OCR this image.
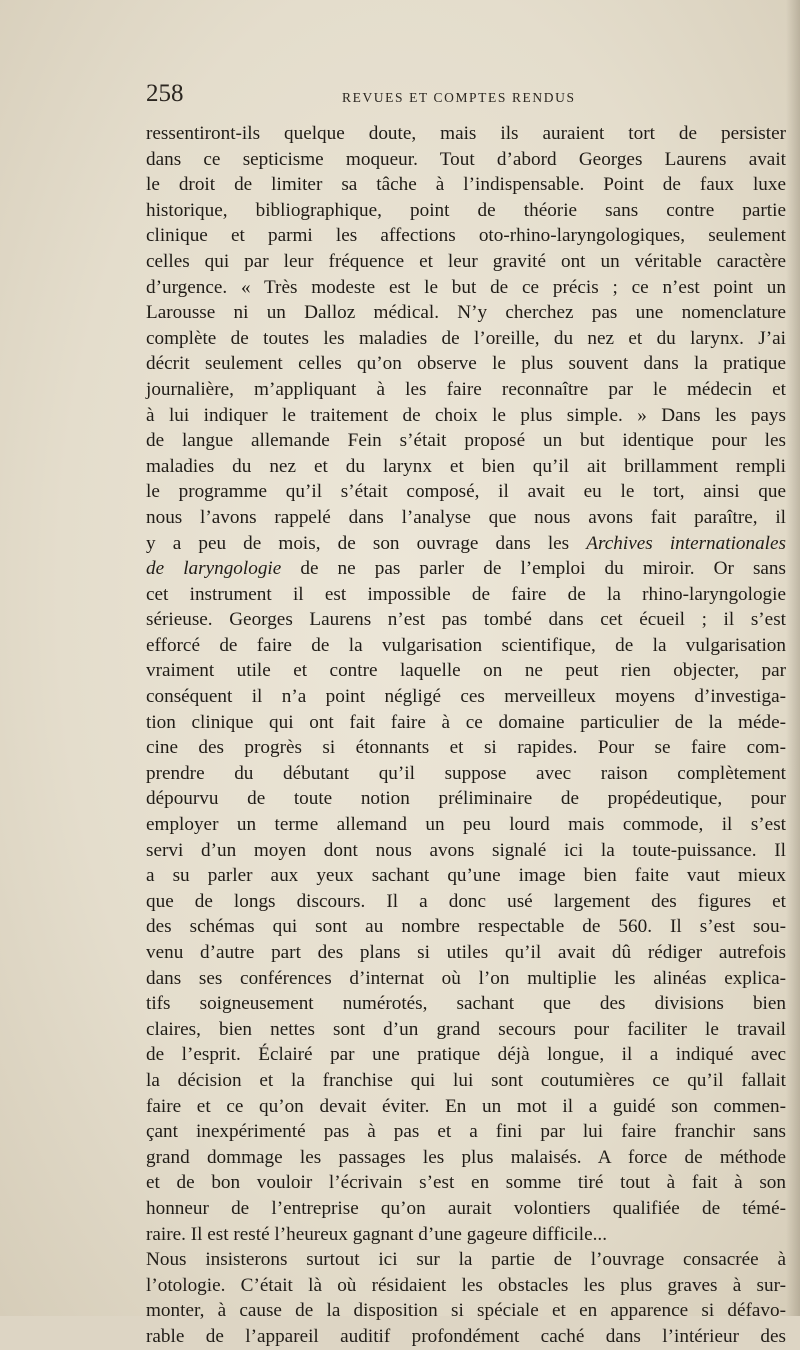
258	REVUES ET COMPTES RENDUS
ressentiront-ils quelque doute, mais ils auraient tort de persister
dans ce septicisme moqueur. Tout d’abord Georges Laurens avait
le droit de limiter sa tâche à l’indispensable. Point de faux luxe
historique, bibliographique, point de théorie sans contre partie
clinique et parmi les affections oto-rhino-laryngologiques, seulement
celles qui par leur fréquence et leur gravité ont un véritable caractère
d’urgence. « Très modeste est le but de ce précis ; ce n’est point un
Larousse ni un Dalloz médical. N’y cherchez pas une nomenclature
complète de toutes les maladies de l’oreille, du nez et du larynx. J’ai
décrit seulement celles qu’on observe le plus souvent dans la pratique
journalière, m’appliquant à les faire reconnaître par le médecin et
à lui indiquer le traitement de choix le plus simple. » Dans les pays
de langue allemande Fein s’était proposé un but identique pour les
maladies du nez et du larynx et bien qu’il ait brillamment rempli
le programme qu’il s’était composé, il avait eu le tort, ainsi que
nous l’avons rappelé dans l’analyse que nous avons fait paraître, il
y a peu de mois, de son ouvrage dans les Archives internationales
de laryngologie de ne pas parler de l’emploi du miroir. Or sans
cet instrument il est impossible de faire de la rhino-laryngologie
sérieuse. Georges Laurens n’est pas tombé dans cet écueil ; il s’est
efforcé de faire de la vulgarisation scientifique, de la vulgarisation
vraiment utile et contre laquelle on ne peut rien objecter, par
conséquent il n’a point négligé ces merveilleux moyens d’investiga-
tion clinique qui ont fait faire à ce domaine particulier de la méde-
cine des progrès si étonnants et si rapides. Pour se faire com-
prendre du débutant qu’il suppose avec raison complètement
dépourvu de toute notion préliminaire de propédeutique, pour
employer un terme allemand un peu lourd mais commode, il s’est
servi d’un moyen dont nous avons signalé ici la toute-puissance. Il
a su parler aux yeux sachant qu’une image bien faite vaut mieux
que de longs discours. Il a donc usé largement des figures et
des schémas qui sont au nombre respectable de 560. Il s’est sou-
venu d’autre part des plans si utiles qu’il avait dû rédiger autrefois
dans ses conférences d’internat où l’on multiplie les alinéas explica-
tifs soigneusement numérotés, sachant que des divisions bien
claires, bien nettes sont d’un grand secours pour faciliter le travail
de l’esprit. Éclairé par une pratique déjà longue, il a indiqué avec
la décision et la franchise qui lui sont coutumières ce qu’il fallait
faire et ce qu’on devait éviter. En un mot il a guidé son commen-
çant inexpérimenté pas à pas et a fini par lui faire franchir sans
grand dommage les passages les plus malaisés. A force de méthode
et de bon vouloir l’écrivain s’est en somme tiré tout à fait à son
honneur de l’entreprise qu’on aurait volontiers qualifiée de témé-
raire. Il est resté l’heureux gagnant d’une gageure difficile...
Nous insisterons surtout ici sur la partie de l’ouvrage consacrée à
l’otologie. C’était là où résidaient les obstacles les plus graves à sur-
monter, à cause de la disposition si spéciale et en apparence si défavo-
rable de l’appareil auditif profondément caché dans l’intérieur des
